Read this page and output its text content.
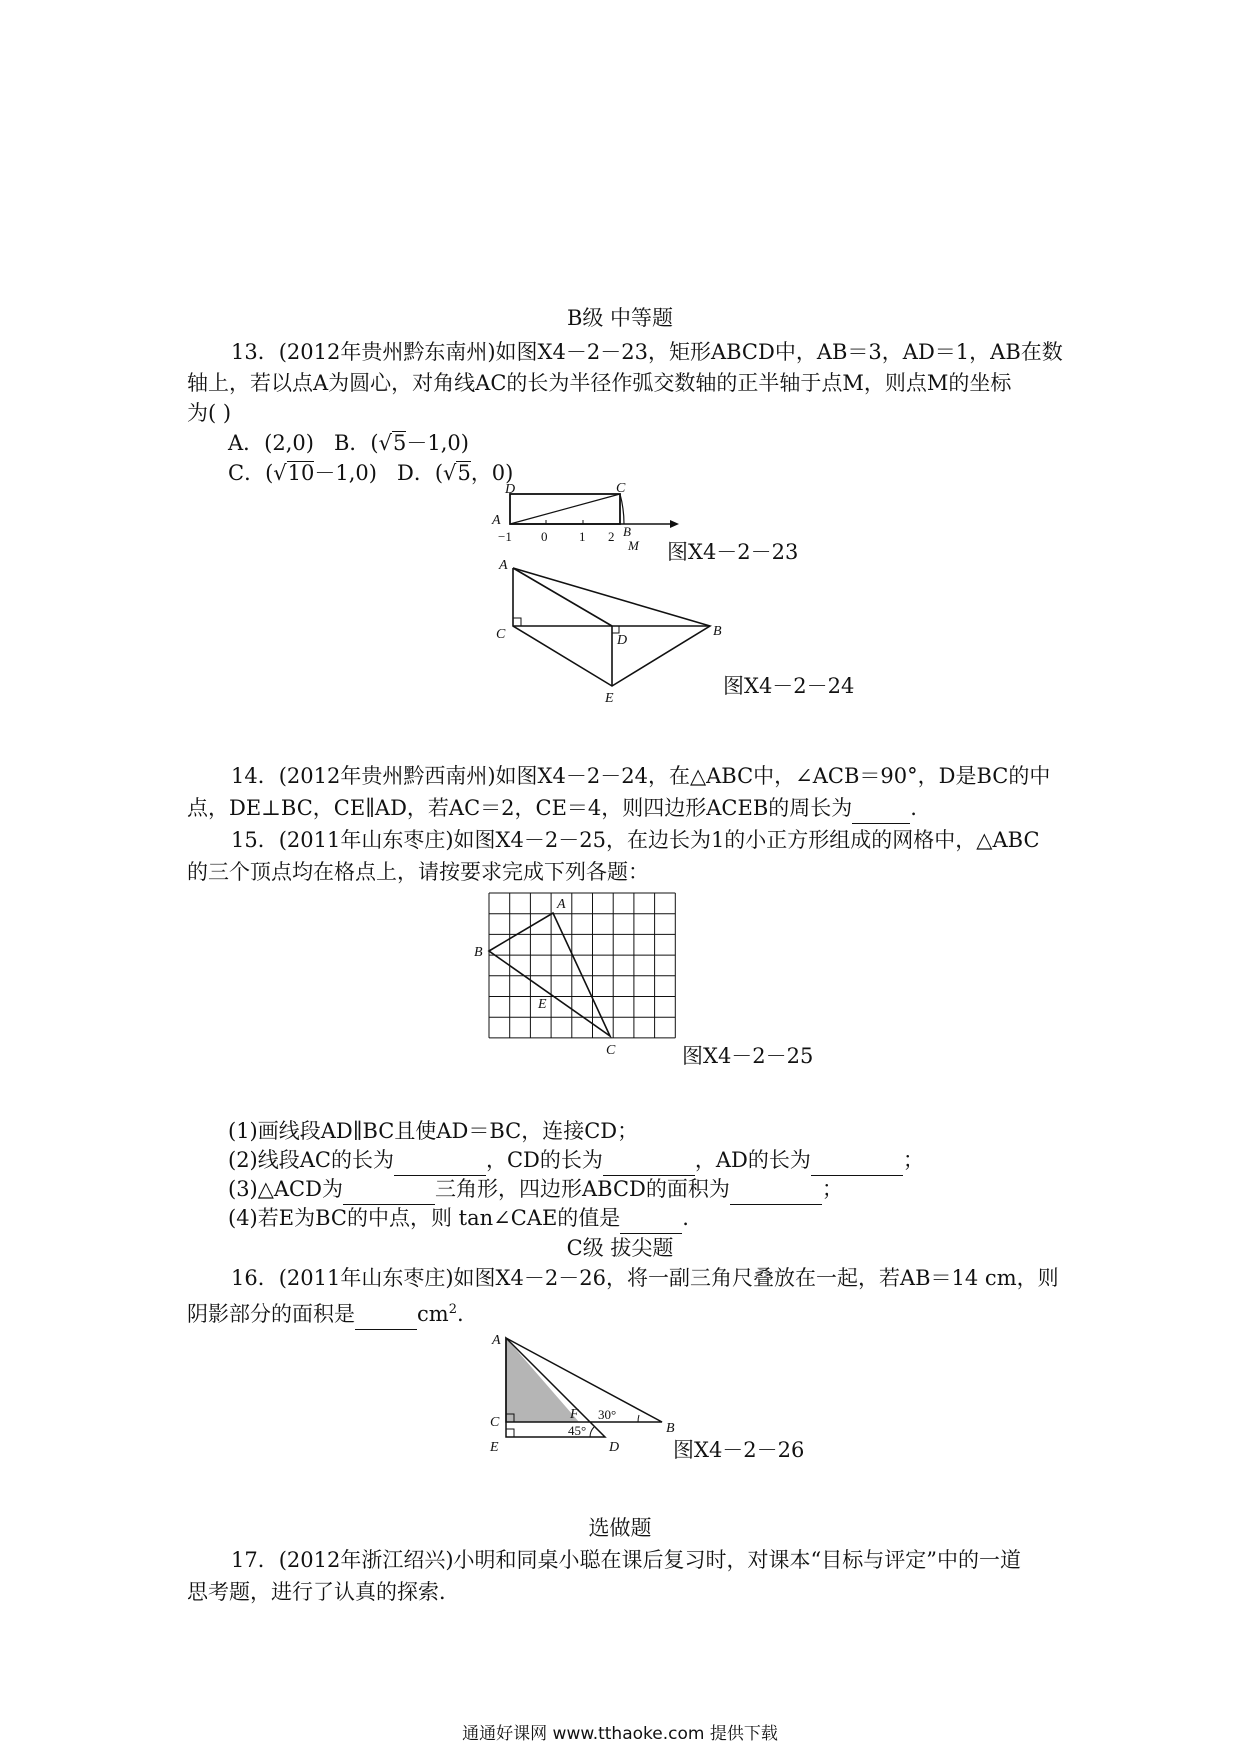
B级 中等题
13．(2012年贵州黔东南州)如图X4－2－23，矩形ABCD中，AB＝3，AD＝1，AB在数
轴上，若以点A为圆心，对角线AC的长为半径作弧交数轴的正半轴于点M，则点M的坐标
为( )
A．(2,0) B．(√5－1,0)
C．(√10－1,0) D．(√5，0)
D	C
A
B
M
−1 0 1 2
图X4－2－23
A
B
C	D
E
图X4－2－24
14．(2012年贵州黔西南州)如图X4－2－24，在△ABC中，∠ACB＝90°，D是BC的中
点，DE⊥BC，CE∥AD，若AC＝2，CE＝4，则四边形ACEB的周长为	.
15．(2011年山东枣庄)如图X4－2－25，在边长为1的小正方形组成的网格中，△ABC
的三个顶点均在格点上，请按要求完成下列各题：
A
B
C
E
图X4－2－25
(1)画线段AD∥BC且使AD＝BC，连接CD；
(2)线段AC的长为	，CD的长为	，AD的长为	；
(3)△ACD为	三角形，四边形ABCD的面积为	；
(4)若E为BC的中点，则 tan∠CAE的值是	.
C级 拔尖题
16．(2011年山东枣庄)如图X4－2－26，将一副三角尺叠放在一起，若AB＝14 cm，则
阴影部分的面积是	$cm^2$.
A
B
C
D
E
F 30°
45°
图X4－2－26
选做题
17．(2012年浙江绍兴)小明和同桌小聪在课后复习时，对课本“目标与评定”中的一道
思考题，进行了认真的探索．
通通好课网 www.tthaoke.com 提供下载
